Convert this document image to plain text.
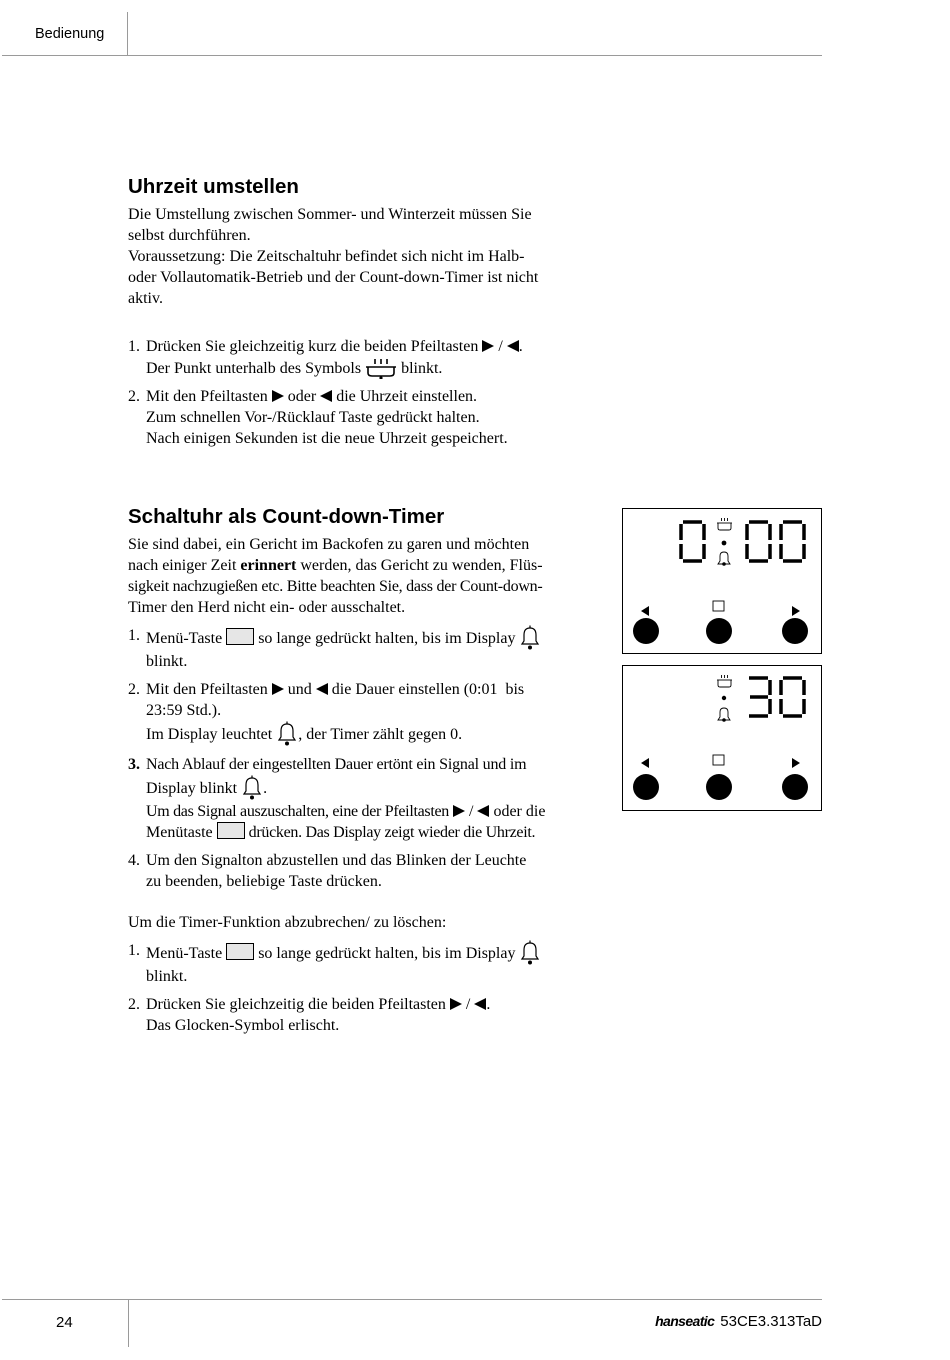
Bedienung
Uhrzeit umstellen

Die Umstellung zwischen Sommer- und Winterzeit müssen Sie

selbst durchführen.

Voraussetzung: Die Zeitschaltuhr befindet sich nicht im Halb-

oder Vollautomatik-Betrieb und der Count-down-Timer ist nicht

aktiv.

1. Drücken Sie gleichzeitig kurz die beiden Pfeiltasten / .
Der Punkt unterhalb des Symbols	blinkt.
2. Mit den Pfeiltasten oder die Uhrzeit einstellen.
Zum schnellen Vor-/Rücklauf Taste gedrückt halten.
Nach einigen Sekunden ist die neue Uhrzeit gespeichert.
Schaltuhr als Count-down-Timer

Sie sind dabei, ein Gericht im Backofen zu garen und möchten

nach einiger Zeit erinnert werden, das Gericht zu wenden, Flüs-

sigkeit nachzugießen etc. Bitte beachten Sie, dass der Count-down-

Timer den Herd nicht ein- oder ausschaltet.

1. Menü-Taste so lange gedrückt halten, bis im Display
blinkt.
2. Mit den Pfeiltasten und die Dauer einstellen (0:01  bis
23:59 Std.).
Im Display leuchtet , der Timer zählt gegen 0.
3. Nach Ablauf der eingestellten Dauer ertönt ein Signal und im
Display blinkt .
Um das Signal auszuschalten, eine der Pfeiltasten / oder die
Menütaste drücken. Das Display zeigt wieder die Uhrzeit.
4. Um den Signalton abzustellen und das Blinken der Leuchte
zu beenden, beliebige Taste drücken.

Um die Timer-Funktion abzubrechen/ zu löschen:

1. Menü-Taste so lange gedrückt halten, bis im Display
blinkt.
2. Drücken Sie gleichzeitig die beiden Pfeiltasten / .
Das Glocken-Symbol erlischt.
24	hanseatic 53CE3.313TaD
